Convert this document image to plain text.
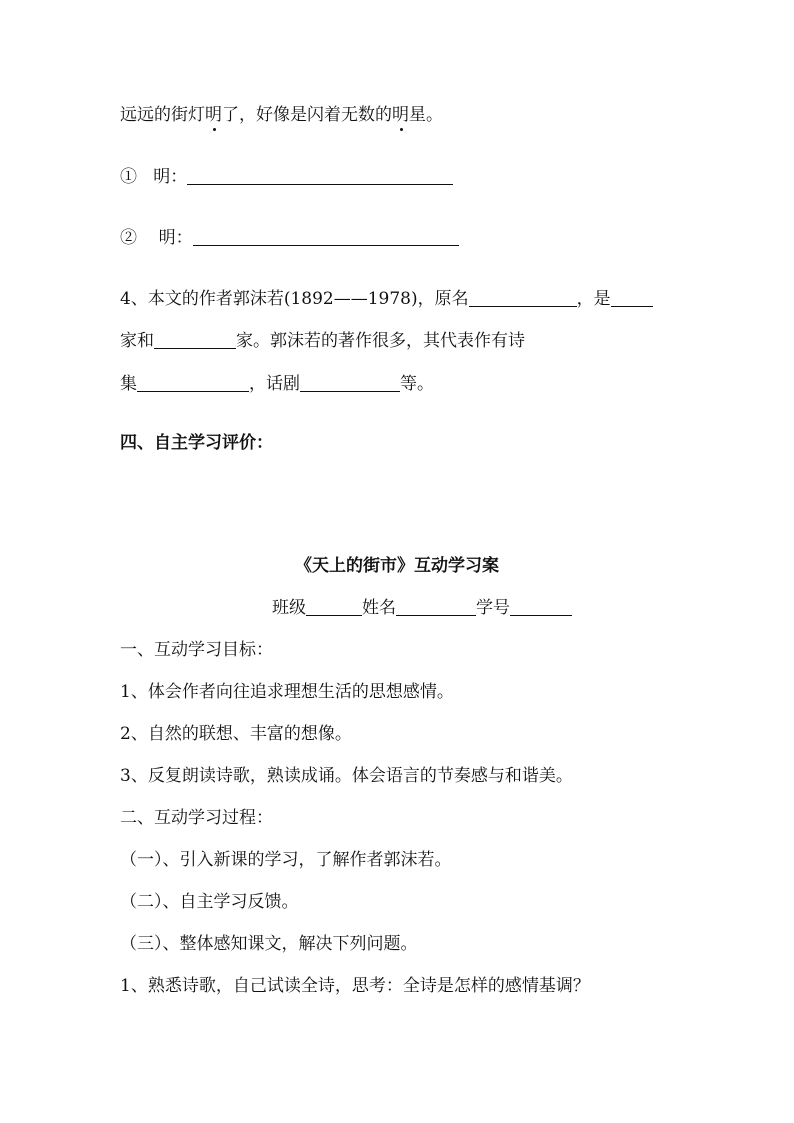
远远的街灯明了，好像是闪着无数的明星。
① 明：
② 明：
4、本文的作者郭沫若(1892——1978)，原名	，是
家和	家。郭沫若的著作很多，其代表作有诗
集	，话剧	等。
四、自主学习评价：
《天上的街市》互动学习案
班级	姓名	学号
一、互动学习目标：
1、体会作者向往追求理想生活的思想感情。
2、自然的联想、丰富的想像。
3、反复朗读诗歌，熟读成诵。体会语言的节奏感与和谐美。
二、互动学习过程：
（一）、引入新课的学习，了解作者郭沫若。
（二）、自主学习反馈。
（三）、整体感知课文，解决下列问题。
1、熟悉诗歌，自己试读全诗，思考：全诗是怎样的感情基调？
